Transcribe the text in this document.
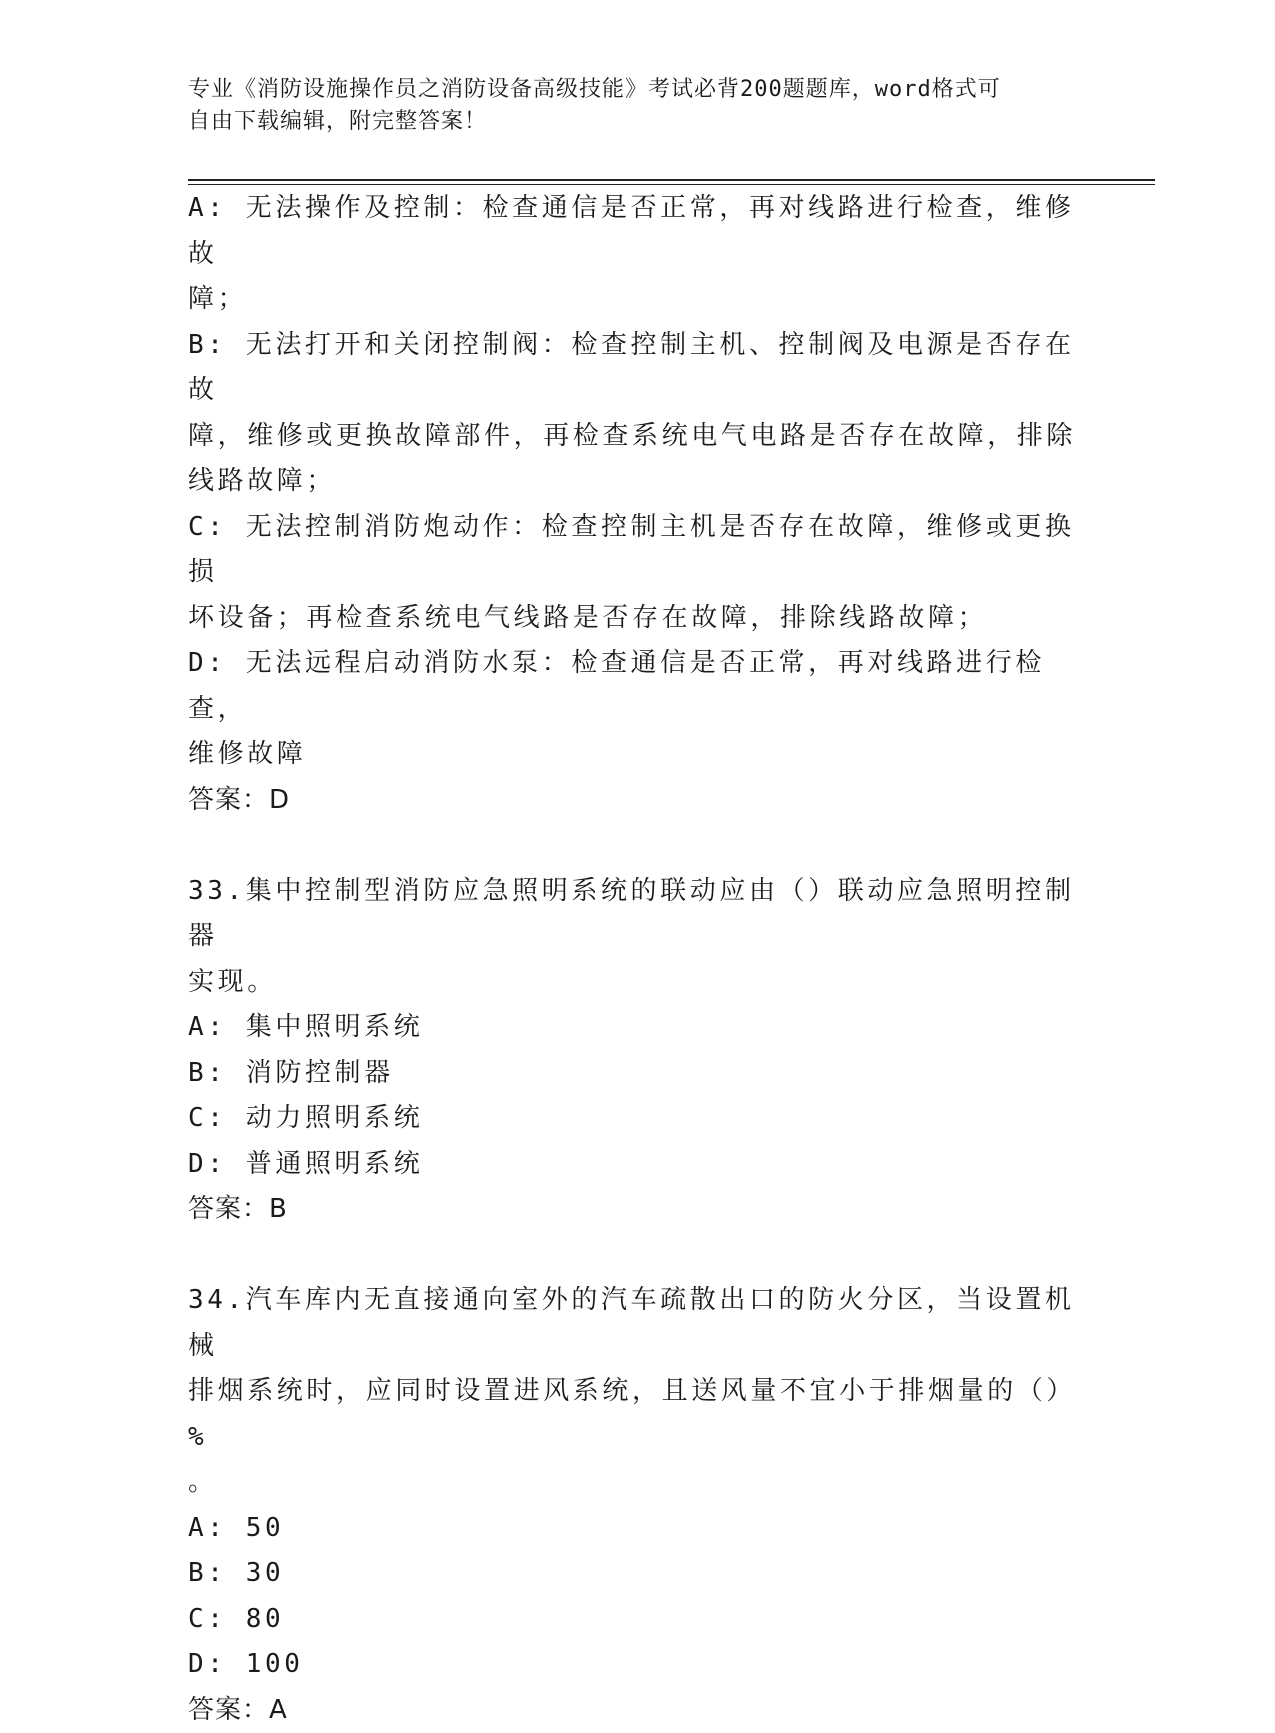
专业《消防设施操作员之消防设备高级技能》考试必背200题题库，word格式可

自由下载编辑，附完整答案！

A: 无法操作及控制：检查通信是否正常，再对线路进行检查，维修故

障；

B: 无法打开和关闭控制阀：检查控制主机、控制阀及电源是否存在故

障，维修或更换故障部件，再检查系统电气电路是否存在故障，排除

线路故障；

C: 无法控制消防炮动作：检查控制主机是否存在故障，维修或更换损

坏设备；再检查系统电气线路是否存在故障，排除线路故障；

D: 无法远程启动消防水泵：检查通信是否正常，再对线路进行检查，

维修故障

答案：D

33.集中控制型消防应急照明系统的联动应由（）联动应急照明控制器

实现。

A: 集中照明系统

B: 消防控制器

C: 动力照明系统

D: 普通照明系统

答案：B

34.汽车库内无直接通向室外的汽车疏散出口的防火分区，当设置机械

排烟系统时，应同时设置进风系统，且送风量不宜小于排烟量的（）%

。

A: 50

B: 30

C: 80

D: 100

答案：A
